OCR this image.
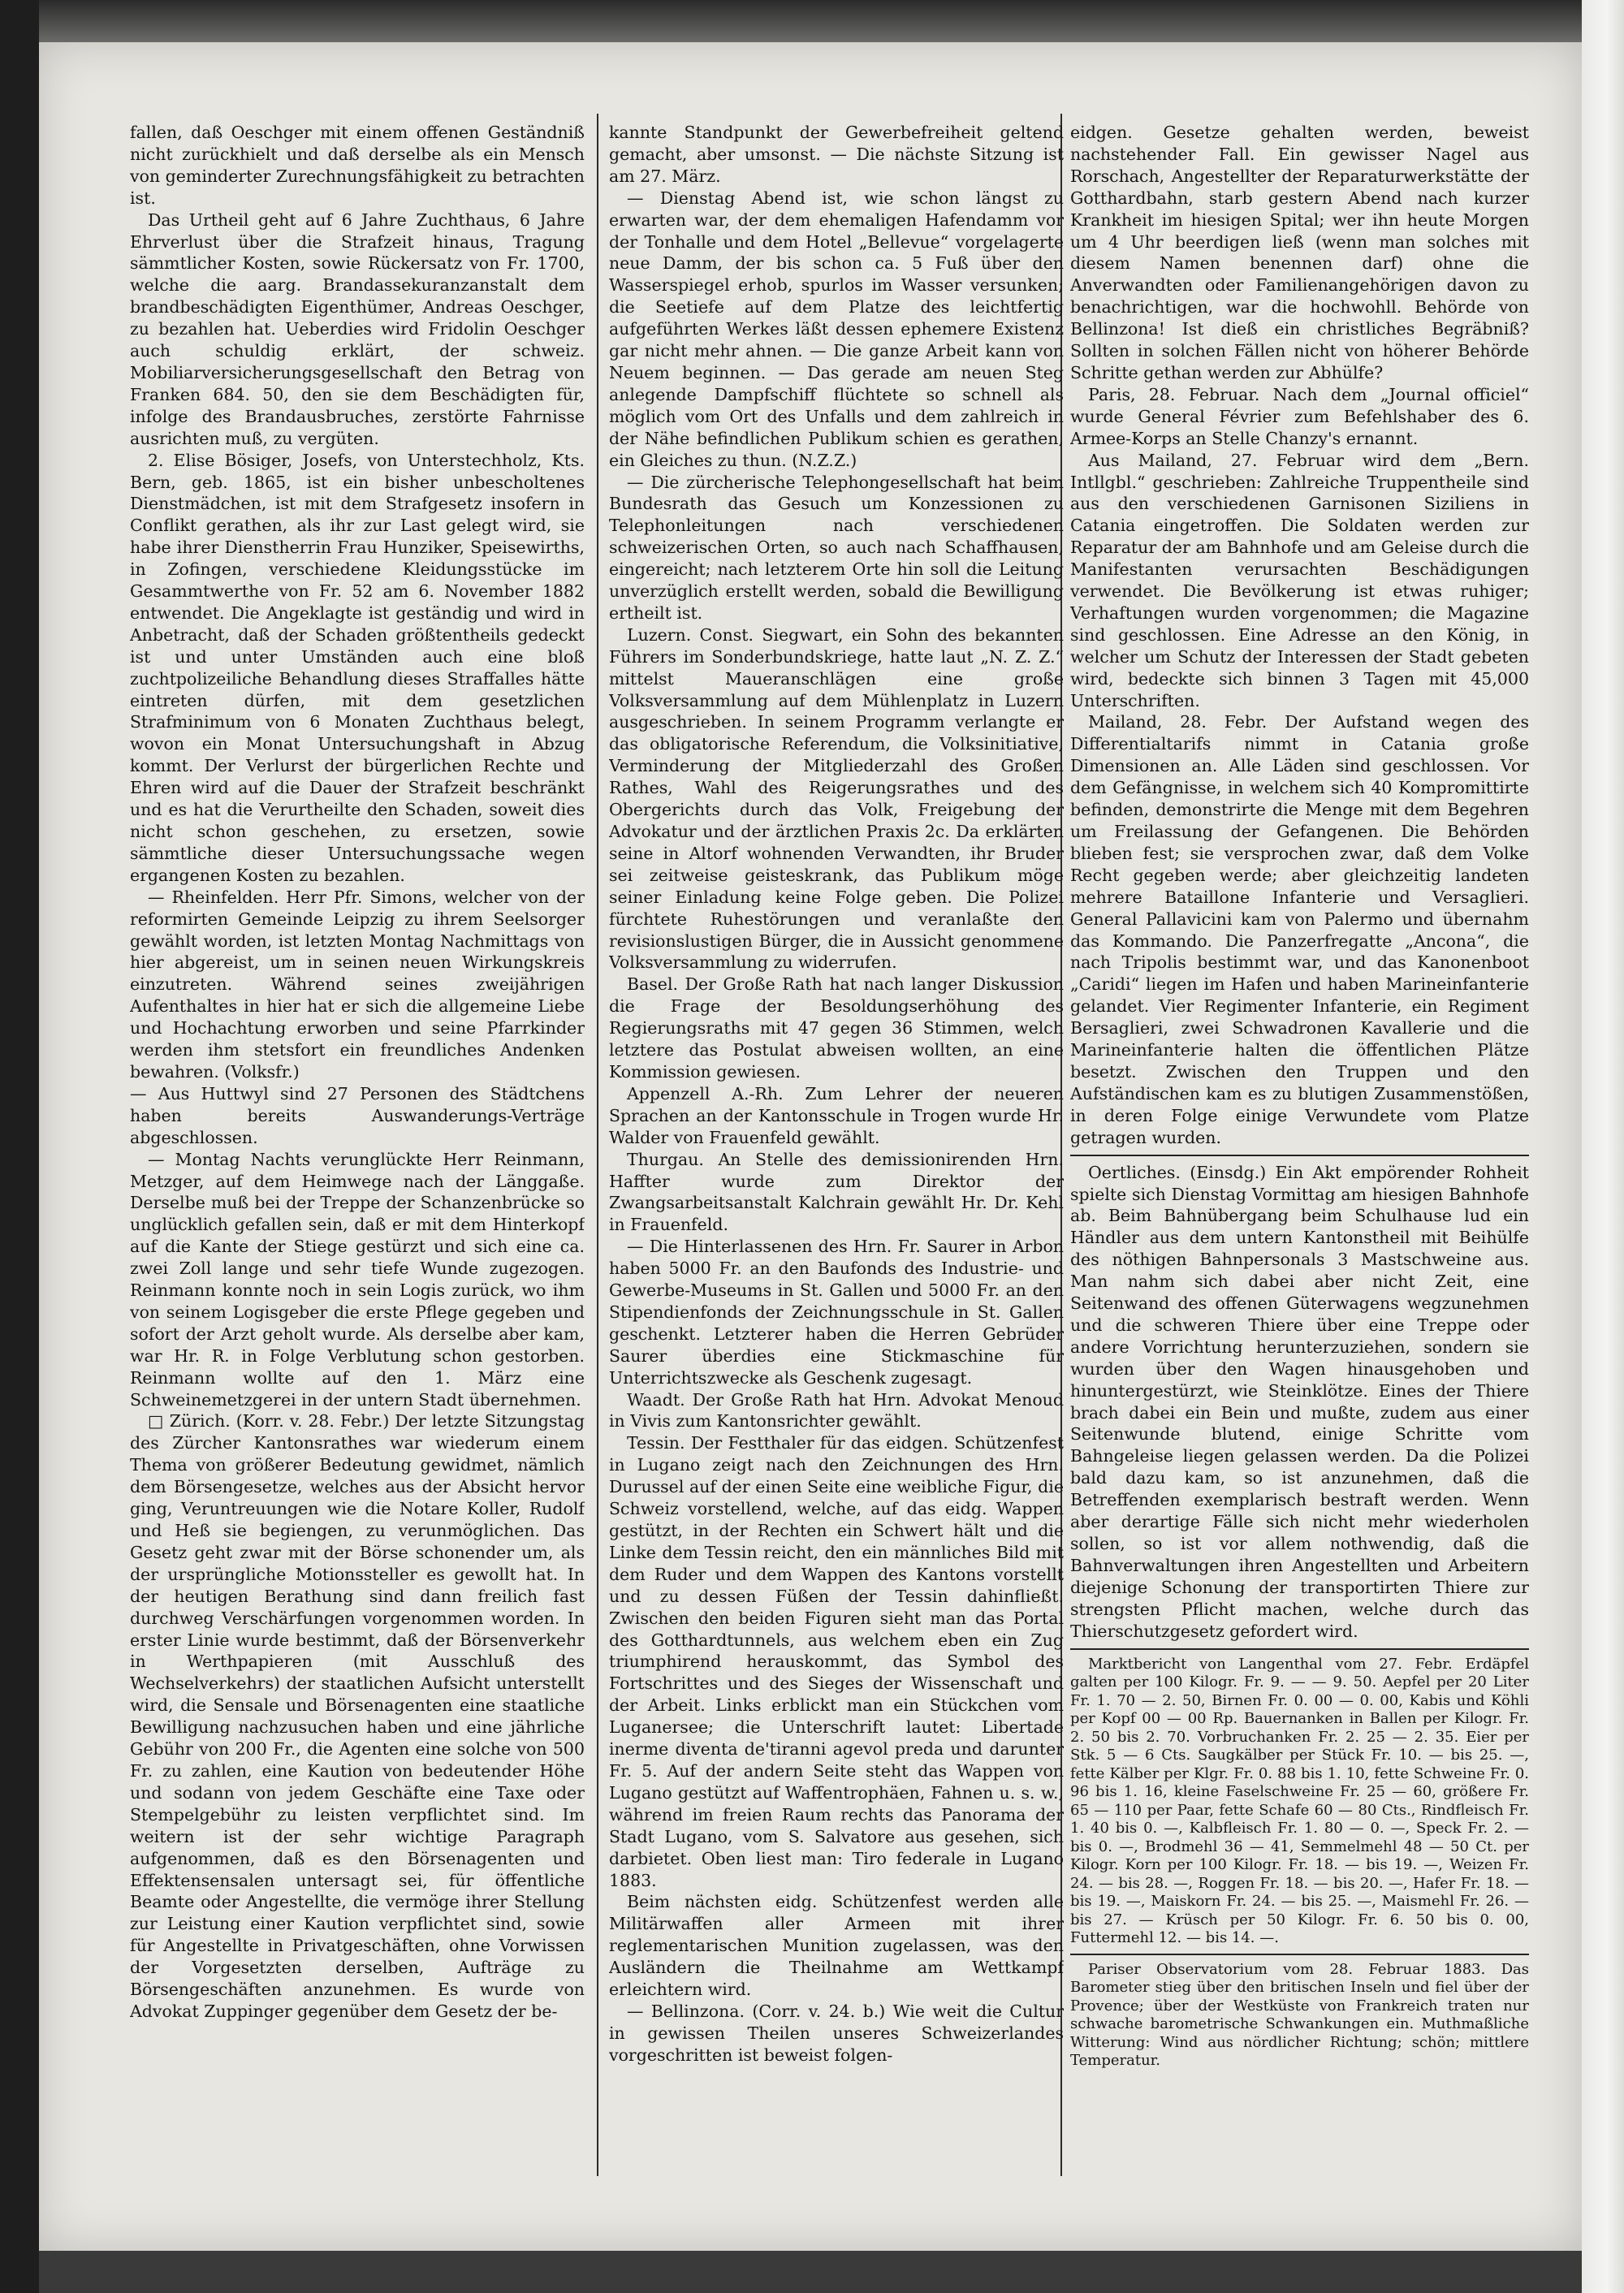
fallen, daß Oeschger mit einem offenen Geständniß nicht zurückhielt und daß derselbe als ein Mensch von geminderter Zurechnungsfähigkeit zu betrachten ist.

Das Urtheil geht auf 6 Jahre Zuchthaus, 6 Jahre Ehrverlust über die Strafzeit hinaus, Tragung sämmtlicher Kosten, sowie Rückersatz von Fr. 1700, welche die aarg. Brandassekuranzanstalt dem brandbeschädigten Eigenthümer, Andreas Oeschger, zu bezahlen hat. Ueberdies wird Fridolin Oeschger auch schuldig erklärt, der schweiz. Mobiliarversicherungsgesellschaft den Betrag von Franken 684. 50, den sie dem Beschädigten für, infolge des Brandausbruches, zerstörte Fahrnisse ausrichten muß, zu vergüten.

2. Elise Bösiger, Josefs, von Unterstechholz, Kts. Bern, geb. 1865, ist ein bisher unbescholtenes Dienstmädchen, ist mit dem Strafgesetz insofern in Conflikt gerathen, als ihr zur Last gelegt wird, sie habe ihrer Dienstherrin Frau Hunziker, Speisewirths, in Zofingen, verschiedene Kleidungsstücke im Gesammtwerthe von Fr. 52 am 6. November 1882 entwendet. Die Angeklagte ist geständig und wird in Anbetracht, daß der Schaden größtentheils gedeckt ist und unter Umständen auch eine bloß zuchtpolizeiliche Behandlung dieses Straffalles hätte eintreten dürfen, mit dem gesetzlichen Strafminimum von 6 Monaten Zuchthaus belegt, wovon ein Monat Untersuchungshaft in Abzug kommt. Der Verlurst der bürgerlichen Rechte und Ehren wird auf die Dauer der Strafzeit beschränkt und es hat die Verurtheilte den Schaden, soweit dies nicht schon geschehen, zu ersetzen, sowie sämmtliche dieser Untersuchungssache wegen ergangenen Kosten zu bezahlen.

— Rheinfelden. Herr Pfr. Simons, welcher von der reformirten Gemeinde Leipzig zu ihrem Seelsorger gewählt worden, ist letzten Montag Nachmittags von hier abgereist, um in seinen neuen Wirkungskreis einzutreten. Während seines zweijährigen Aufenthaltes in hier hat er sich die allgemeine Liebe und Hochachtung erworben und seine Pfarrkinder werden ihm stetsfort ein freundliches Andenken bewahren. (Volksfr.)

— Aus Huttwyl sind 27 Personen des Städtchens haben bereits Auswanderungs-Verträge abgeschlossen.

— Montag Nachts verunglückte Herr Reinmann, Metzger, auf dem Heimwege nach der Länggaße. Derselbe muß bei der Treppe der Schanzenbrücke so unglücklich gefallen sein, daß er mit dem Hinterkopf auf die Kante der Stiege gestürzt und sich eine ca. zwei Zoll lange und sehr tiefe Wunde zugezogen. Reinmann konnte noch in sein Logis zurück, wo ihm von seinem Logisgeber die erste Pflege gegeben und sofort der Arzt geholt wurde. Als derselbe aber kam, war Hr. R. in Folge Verblutung schon gestorben. Reinmann wollte auf den 1. März eine Schweinemetzgerei in der untern Stadt übernehmen.

□ Zürich. (Korr. v. 28. Febr.) Der letzte Sitzungstag des Zürcher Kantonsrathes war wiederum einem Thema von größerer Bedeutung gewidmet, nämlich dem Börsengesetze, welches aus der Absicht hervor ging, Veruntreuungen wie die Notare Koller, Rudolf und Heß sie begiengen, zu verunmöglichen. Das Gesetz geht zwar mit der Börse schonender um, als der ursprüngliche Motionssteller es gewollt hat. In der heutigen Berathung sind dann freilich fast durchweg Verschärfungen vorgenommen worden. In erster Linie wurde bestimmt, daß der Börsenverkehr in Werthpapieren (mit Ausschluß des Wechselverkehrs) der staatlichen Aufsicht unterstellt wird, die Sensale und Börsenagenten eine staatliche Bewilligung nachzusuchen haben und eine jährliche Gebühr von 200 Fr., die Agenten eine solche von 500 Fr. zu zahlen, eine Kaution von bedeutender Höhe und sodann von jedem Geschäfte eine Taxe oder Stempelgebühr zu leisten verpflichtet sind. Im weitern ist der sehr wichtige Paragraph aufgenommen, daß es den Börsenagenten und Effektensensalen untersagt sei, für öffentliche Beamte oder Angestellte, die vermöge ihrer Stellung zur Leistung einer Kaution verpflichtet sind, sowie für Angestellte in Privatgeschäften, ohne Vorwissen der Vorgesetzten derselben, Aufträge zu Börsengeschäften anzunehmen. Es wurde von Advokat Zuppinger gegenüber dem Gesetz der be-

kannte Standpunkt der Gewerbefreiheit geltend gemacht, aber umsonst. — Die nächste Sitzung ist am 27. März.

— Dienstag Abend ist, wie schon längst zu erwarten war, der dem ehemaligen Hafendamm vor der Tonhalle und dem Hotel „Bellevue“ vorgelagerte neue Damm, der bis schon ca. 5 Fuß über den Wasserspiegel erhob, spurlos im Wasser versunken; die Seetiefe auf dem Platze des leichtfertig aufgeführten Werkes läßt dessen ephemere Existenz gar nicht mehr ahnen. — Die ganze Arbeit kann von Neuem beginnen. — Das gerade am neuen Steg anlegende Dampfschiff flüchtete so schnell als möglich vom Ort des Unfalls und dem zahlreich in der Nähe befindlichen Publikum schien es gerathen, ein Gleiches zu thun. (N.Z.Z.)

— Die zürcherische Telephongesellschaft hat beim Bundesrath das Gesuch um Konzessionen zu Telephonleitungen nach verschiedenen schweizerischen Orten, so auch nach Schaffhausen, eingereicht; nach letzterem Orte hin soll die Leitung unverzüglich erstellt werden, sobald die Bewilligung ertheilt ist.

Luzern. Const. Siegwart, ein Sohn des bekannten Führers im Sonderbundskriege, hatte laut „N. Z. Z.“ mittelst Maueranschlägen eine große Volksversammlung auf dem Mühlenplatz in Luzern ausgeschrieben. In seinem Programm verlangte er das obligatorische Referendum, die Volksinitiative, Verminderung der Mitgliederzahl des Großen Rathes, Wahl des Reigerungsrathes und des Obergerichts durch das Volk, Freigebung der Advokatur und der ärztlichen Praxis 2c. Da erklärten seine in Altorf wohnenden Verwandten, ihr Bruder sei zeitweise geisteskrank, das Publikum möge seiner Einladung keine Folge geben. Die Polizei fürchtete Ruhestörungen und veranlaßte den revisionslustigen Bürger, die in Aussicht genommene Volksversammlung zu widerrufen.

Basel. Der Große Rath hat nach langer Diskussion die Frage der Besoldungserhöhung des Regierungsraths mit 47 gegen 36 Stimmen, welch letztere das Postulat abweisen wollten, an eine Kommission gewiesen.

Appenzell A.-Rh. Zum Lehrer der neueren Sprachen an der Kantonsschule in Trogen wurde Hr. Walder von Frauenfeld gewählt.

Thurgau. An Stelle des demissionirenden Hrn. Haffter wurde zum Direktor der Zwangsarbeitsanstalt Kalchrain gewählt Hr. Dr. Kehl in Frauenfeld.

— Die Hinterlassenen des Hrn. Fr. Saurer in Arbon haben 5000 Fr. an den Baufonds des Industrie- und Gewerbe-Museums in St. Gallen und 5000 Fr. an den Stipendienfonds der Zeichnungsschule in St. Gallen geschenkt. Letzterer haben die Herren Gebrüder Saurer überdies eine Stickmaschine für Unterrichtszwecke als Geschenk zugesagt.

Waadt. Der Große Rath hat Hrn. Advokat Menoud in Vivis zum Kantonsrichter gewählt.

Tessin. Der Festthaler für das eidgen. Schützenfest in Lugano zeigt nach den Zeichnungen des Hrn. Durussel auf der einen Seite eine weibliche Figur, die Schweiz vorstellend, welche, auf das eidg. Wappen gestützt, in der Rechten ein Schwert hält und die Linke dem Tessin reicht, den ein männliches Bild mit dem Ruder und dem Wappen des Kantons vorstellt und zu dessen Füßen der Tessin dahinfließt. Zwischen den beiden Figuren sieht man das Portal des Gotthardtunnels, aus welchem eben ein Zug triumphirend herauskommt, das Symbol des Fortschrittes und des Sieges der Wissenschaft und der Arbeit. Links erblickt man ein Stückchen vom Luganersee; die Unterschrift lautet: Libertade inerme diventa de'tiranni agevol preda und darunter Fr. 5. Auf der andern Seite steht das Wappen von Lugano gestützt auf Waffentrophäen, Fahnen u. s. w., während im freien Raum rechts das Panorama der Stadt Lugano, vom S. Salvatore aus gesehen, sich darbietet. Oben liest man: Tiro federale in Lugano 1883.

Beim nächsten eidg. Schützenfest werden alle Militärwaffen aller Armeen mit ihrer reglementarischen Munition zugelassen, was den Ausländern die Theilnahme am Wettkampf erleichtern wird.

— Bellinzona. (Corr. v. 24. b.) Wie weit die Cultur in gewissen Theilen unseres Schweizerlandes vorgeschritten ist beweist folgen-

eidgen. Gesetze gehalten werden, beweist nachstehender Fall. Ein gewisser Nagel aus Rorschach, Angestellter der Reparaturwerkstätte der Gotthardbahn, starb gestern Abend nach kurzer Krankheit im hiesigen Spital; wer ihn heute Morgen um 4 Uhr beerdigen ließ (wenn man solches mit diesem Namen benennen darf) ohne die Anverwandten oder Familienangehörigen davon zu benachrichtigen, war die hochwohll. Behörde von Bellinzona! Ist dieß ein christliches Begräbniß? Sollten in solchen Fällen nicht von höherer Behörde Schritte gethan werden zur Abhülfe?

Paris, 28. Februar. Nach dem „Journal officiel“ wurde General Février zum Befehlshaber des 6. Armee-Korps an Stelle Chanzy's ernannt.

Aus Mailand, 27. Februar wird dem „Bern. Intllgbl.“ geschrieben: Zahlreiche Truppentheile sind aus den verschiedenen Garnisonen Siziliens in Catania eingetroffen. Die Soldaten werden zur Reparatur der am Bahnhofe und am Geleise durch die Manifestanten verursachten Beschädigungen verwendet. Die Bevölkerung ist etwas ruhiger; Verhaftungen wurden vorgenommen; die Magazine sind geschlossen. Eine Adresse an den König, in welcher um Schutz der Interessen der Stadt gebeten wird, bedeckte sich binnen 3 Tagen mit 45,000 Unterschriften.

Mailand, 28. Febr. Der Aufstand wegen des Differentialtarifs nimmt in Catania große Dimensionen an. Alle Läden sind geschlossen. Vor dem Gefängnisse, in welchem sich 40 Kompromittirte befinden, demonstrirte die Menge mit dem Begehren um Freilassung der Gefangenen. Die Behörden blieben fest; sie versprochen zwar, daß dem Volke Recht gegeben werde; aber gleichzeitig landeten mehrere Bataillone Infanterie und Versaglieri. General Pallavicini kam von Palermo und übernahm das Kommando. Die Panzerfregatte „Ancona“, die nach Tripolis bestimmt war, und das Kanonenboot „Caridi“ liegen im Hafen und haben Marineinfanterie gelandet. Vier Regimenter Infanterie, ein Regiment Bersaglieri, zwei Schwadronen Kavallerie und die Marineinfanterie halten die öffentlichen Plätze besetzt. Zwischen den Truppen und den Aufständischen kam es zu blutigen Zusammenstößen, in deren Folge einige Verwundete vom Platze getragen wurden.

Oertliches. (Einsdg.) Ein Akt empörender Rohheit spielte sich Dienstag Vormittag am hiesigen Bahnhofe ab. Beim Bahnübergang beim Schulhause lud ein Händler aus dem untern Kantonstheil mit Beihülfe des nöthigen Bahnpersonals 3 Mastschweine aus. Man nahm sich dabei aber nicht Zeit, eine Seitenwand des offenen Güterwagens wegzunehmen und die schweren Thiere über eine Treppe oder andere Vorrichtung herunterzuziehen, sondern sie wurden über den Wagen hinausgehoben und hinuntergestürzt, wie Steinklötze. Eines der Thiere brach dabei ein Bein und mußte, zudem aus einer Seitenwunde blutend, einige Schritte vom Bahngeleise liegen gelassen werden. Da die Polizei bald dazu kam, so ist anzunehmen, daß die Betreffenden exemplarisch bestraft werden. Wenn aber derartige Fälle sich nicht mehr wiederholen sollen, so ist vor allem nothwendig, daß die Bahnverwaltungen ihren Angestellten und Arbeitern diejenige Schonung der transportirten Thiere zur strengsten Pflicht machen, welche durch das Thierschutzgesetz gefordert wird.

Marktbericht von Langenthal vom 27. Febr. Erdäpfel galten per 100 Kilogr. Fr. 9. — — 9. 50. Aepfel per 20 Liter Fr. 1. 70 — 2. 50, Birnen Fr. 0. 00 — 0. 00, Kabis und Köhli per Kopf 00 — 00 Rp. Bauernanken in Ballen per Kilogr. Fr. 2. 50 bis 2. 70. Vorbruchanken Fr. 2. 25 — 2. 35. Eier per Stk. 5 — 6 Cts. Saugkälber per Stück Fr. 10. — bis 25. —, fette Kälber per Klgr. Fr. 0. 88 bis 1. 10, fette Schweine Fr. 0. 96 bis 1. 16, kleine Faselschweine Fr. 25 — 60, größere Fr. 65 — 110 per Paar, fette Schafe 60 — 80 Cts., Rindfleisch Fr. 1. 40 bis 0. —, Kalbfleisch Fr. 1. 80 — 0. —, Speck Fr. 2. — bis 0. —, Brodmehl 36 — 41, Semmelmehl 48 — 50 Ct. per Kilogr. Korn per 100 Kilogr. Fr. 18. — bis 19. —, Weizen Fr. 24. — bis 28. —, Roggen Fr. 18. — bis 20. —, Hafer Fr. 18. — bis 19. —, Maiskorn Fr. 24. — bis 25. —, Maismehl Fr. 26. — bis 27. — Krüsch per 50 Kilogr. Fr. 6. 50 bis 0. 00, Futtermehl 12. — bis 14. —.

Pariser Observatorium vom 28. Februar 1883. Das Barometer stieg über den britischen Inseln und fiel über der Provence; über der Westküste von Frankreich traten nur schwache barometrische Schwankungen ein. Muthmaßliche Witterung: Wind aus nördlicher Richtung; schön; mittlere Temperatur.
